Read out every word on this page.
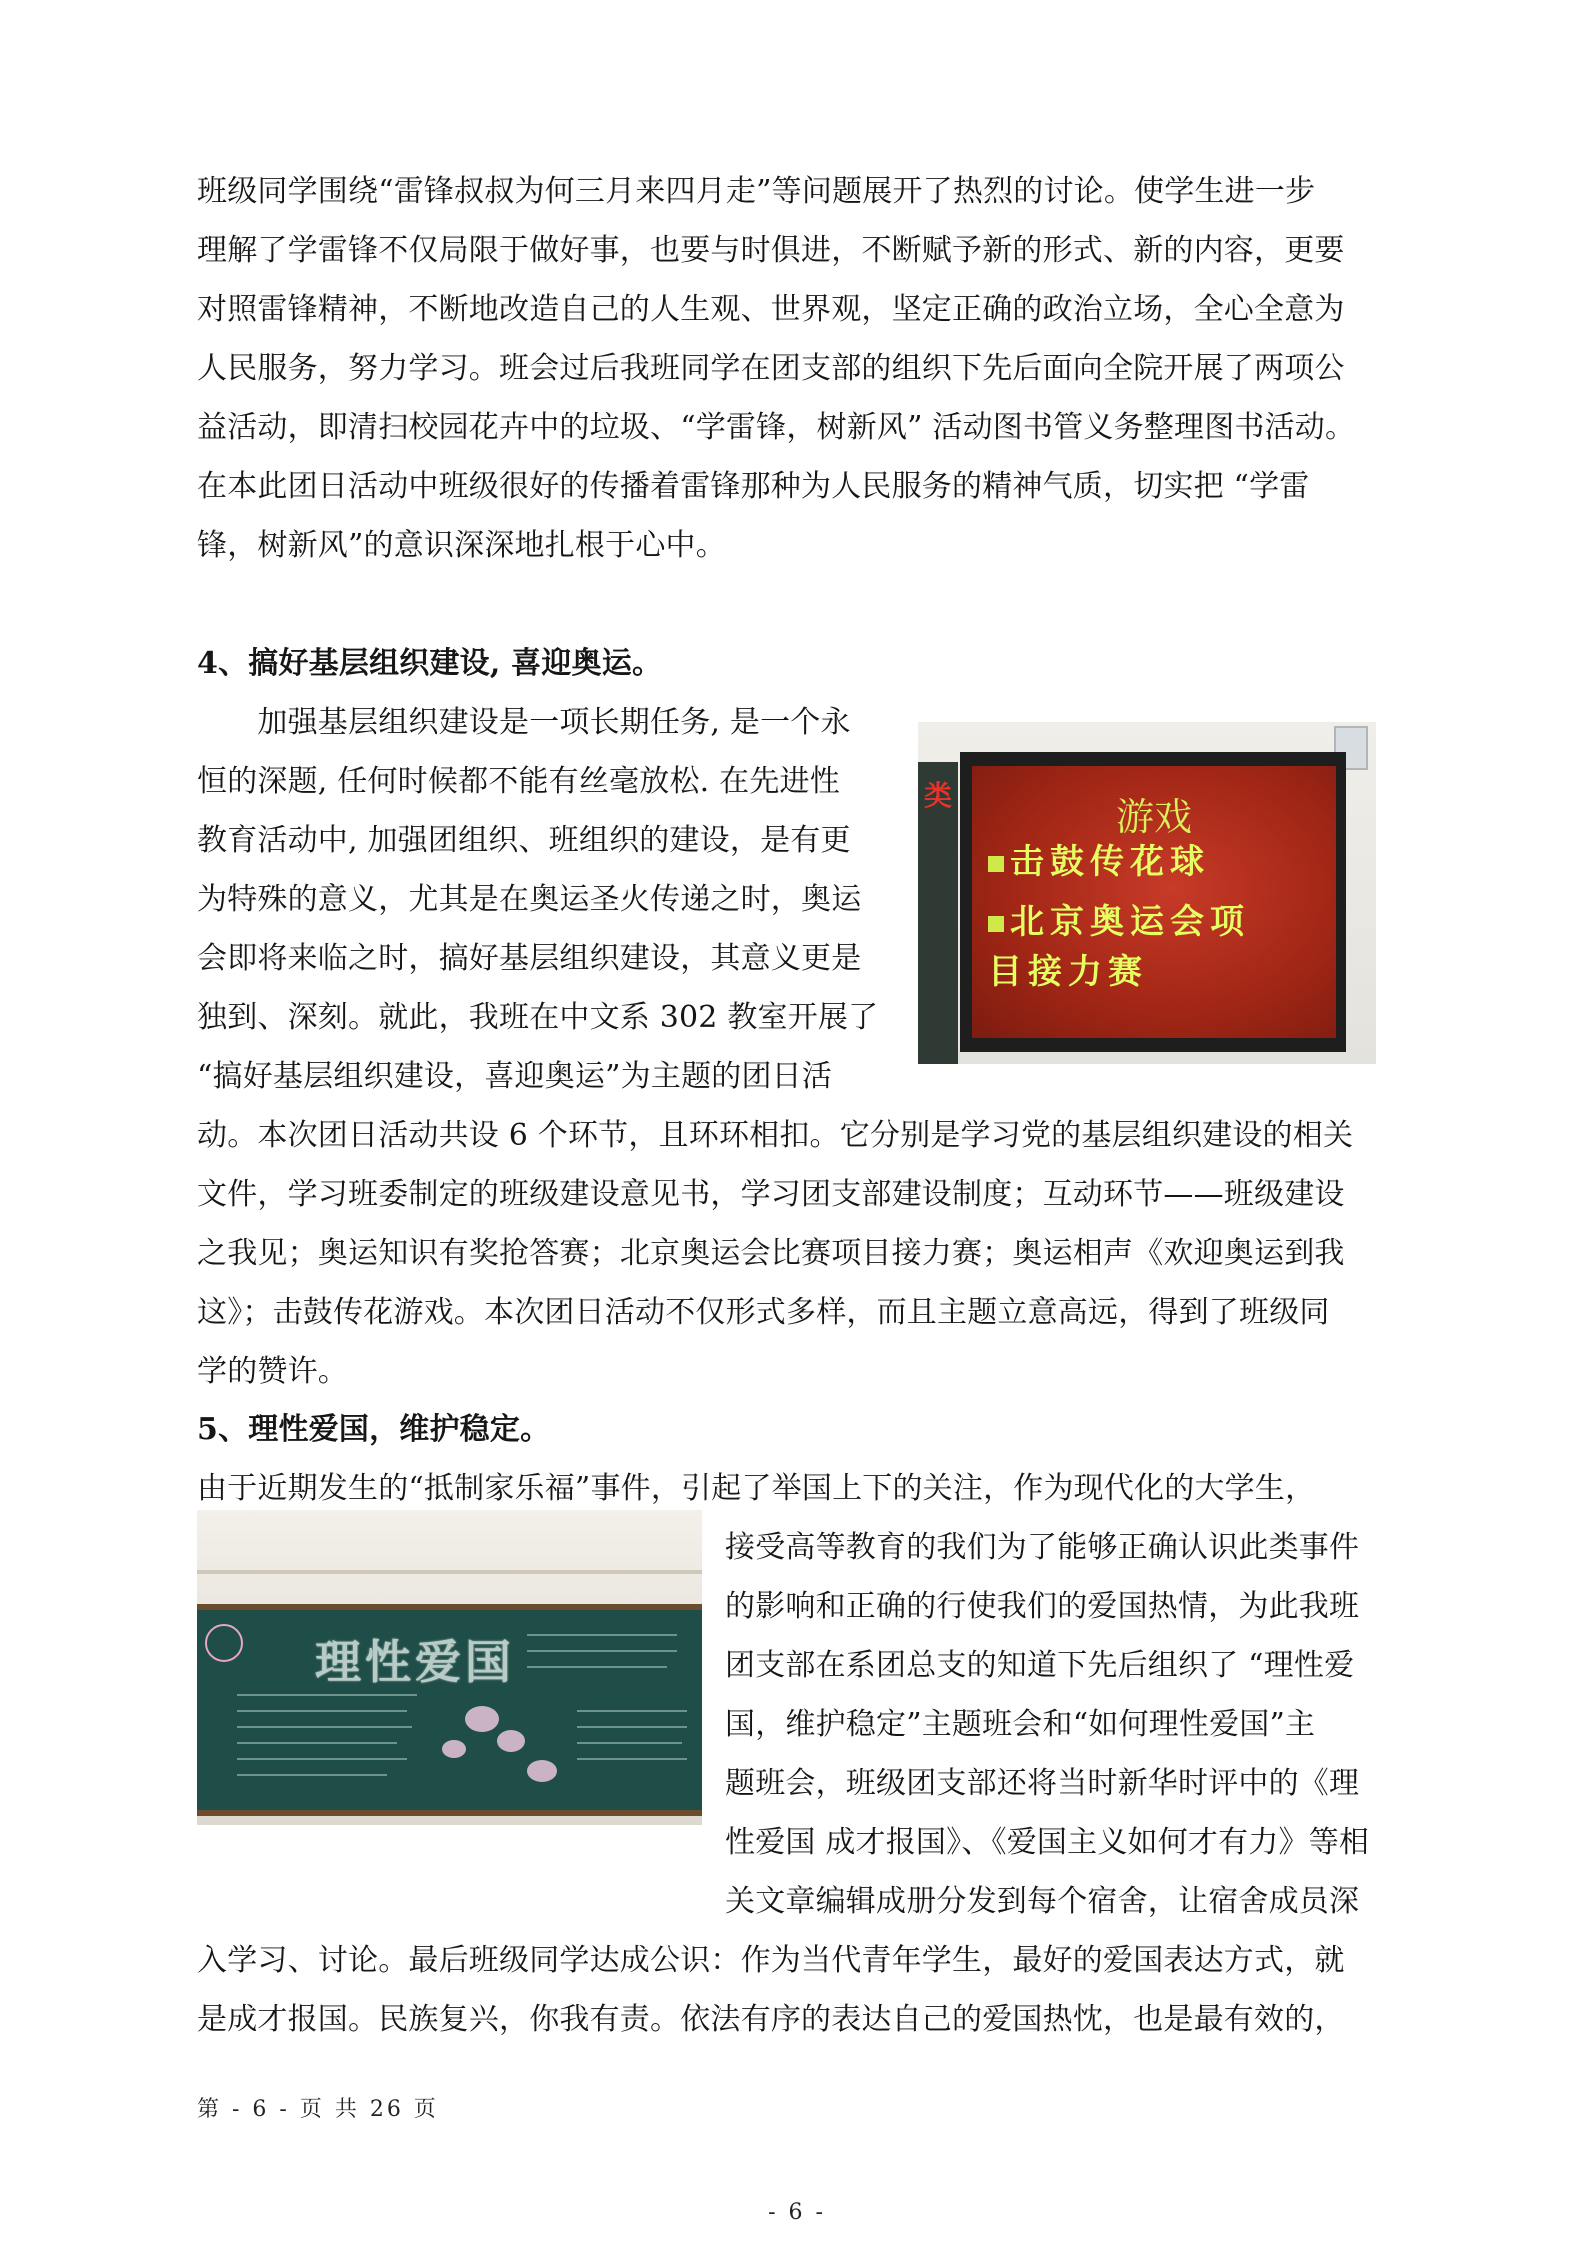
班级同学围绕“雷锋叔叔为何三月来四月走”等问题展开了热烈的讨论。使学生进一步
理解了学雷锋不仅局限于做好事，也要与时俱进，不断赋予新的形式、新的内容，更要
对照雷锋精神，不断地改造自己的人生观、世界观，坚定正确的政治立场，全心全意为
人民服务，努力学习。班会过后我班同学在团支部的组织下先后面向全院开展了两项公
益活动，即清扫校园花卉中的垃圾、“学雷锋，树新风” 活动图书管义务整理图书活动。
在本此团日活动中班级很好的传播着雷锋那种为人民服务的精神气质，切实把 “学雷
锋，树新风”的意识深深地扎根于心中。
4、搞好基层组织建设, 喜迎奥运。
　　加强基层组织建设是一项长期任务, 是一个永
恒的深题, 任何时候都不能有丝毫放松. 在先进性
教育活动中, 加强团组织、班组织的建设，是有更
为特殊的意义，尤其是在奥运圣火传递之时，奥运
会即将来临之时，搞好基层组织建设，其意义更是
独到、深刻。就此，我班在中文系 302 教室开展了
“搞好基层组织建设，喜迎奥运”为主题的团日活
动。本次团日活动共设 6 个环节，且环环相扣。它分别是学习党的基层组织建设的相关
文件，学习班委制定的班级建设意见书，学习团支部建设制度；互动环节——班级建设
之我见；奥运知识有奖抢答赛；北京奥运会比赛项目接力赛；奥运相声《欢迎奥运到我
这》；击鼓传花游戏。本次团日活动不仅形式多样，而且主题立意高远，得到了班级同
学的赞许。
类	游戏
击鼓传花球
北京奥运会项
目接力赛
5、理性爱国，维护稳定。
由于近期发生的“抵制家乐福”事件，引起了举国上下的关注，作为现代化的大学生，
接受高等教育的我们为了能够正确认识此类事件
的影响和正确的行使我们的爱国热情，为此我班
团支部在系团总支的知道下先后组织了 “理性爱
国，维护稳定”主题班会和“如何理性爱国”主
题班会，班级团支部还将当时新华时评中的《理
性爱国 成才报国》、《爱国主义如何才有力》等相
关文章编辑成册分发到每个宿舍，让宿舍成员深
入学习、讨论。最后班级同学达成公识：作为当代青年学生，最好的爱国表达方式，就
是成才报国。民族复兴，你我有责。依法有序的表达自己的爱国热忱，也是最有效的，
理性爱国
第 - 6 - 页 共 26 页
- 6 -
